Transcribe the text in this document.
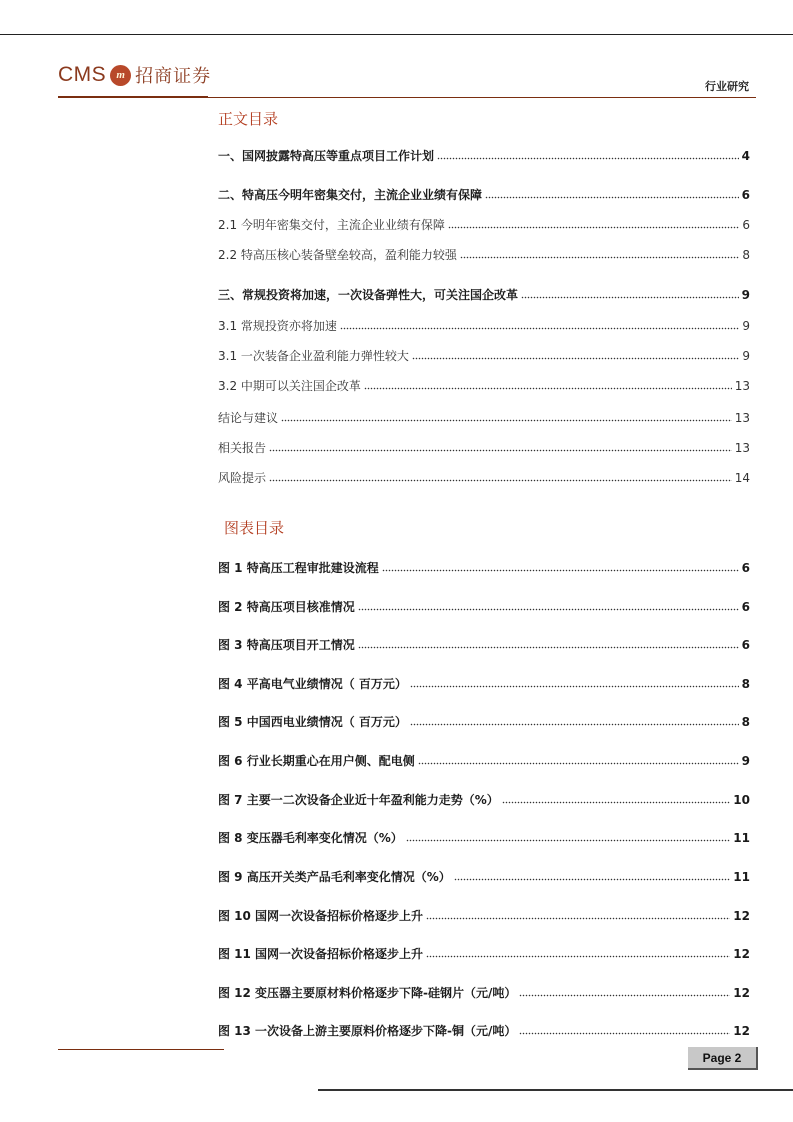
CMS m 招商证券	行业研究
正文目录
一、国网披露特高压等重点项目工作计划	4
二、特高压今明年密集交付，主流企业业绩有保障	6
2.1 今明年密集交付，主流企业业绩有保障	6
2.2 特高压核心装备壁垒较高，盈利能力较强	8
三、常规投资将加速，一次设备弹性大，可关注国企改革	9
3.1 常规投资亦将加速	9
3.1 一次装备企业盈利能力弹性较大	9
3.2 中期可以关注国企改革	13
结论与建议	13
相关报告	13
风险提示	14
图表目录
图 1 特高压工程审批建设流程	6
图 2 特高压项目核准情况	6
图 3 特高压项目开工情况	6
图 4 平高电气业绩情况（ 百万元）	8
图 5 中国西电业绩情况（ 百万元）	8
图 6 行业长期重心在用户侧、配电侧	9
图 7 主要一二次设备企业近十年盈利能力走势（%）	10
图 8 变压器毛利率变化情况（%）	11
图 9 高压开关类产品毛利率变化情况（%）	11
图 10 国网一次设备招标价格逐步上升	12
图 11 国网一次设备招标价格逐步上升	12
图 12 变压器主要原材料价格逐步下降-硅钢片（元/吨）	12
图 13 一次设备上游主要原料价格逐步下降-铜（元/吨）	12
Page 2
